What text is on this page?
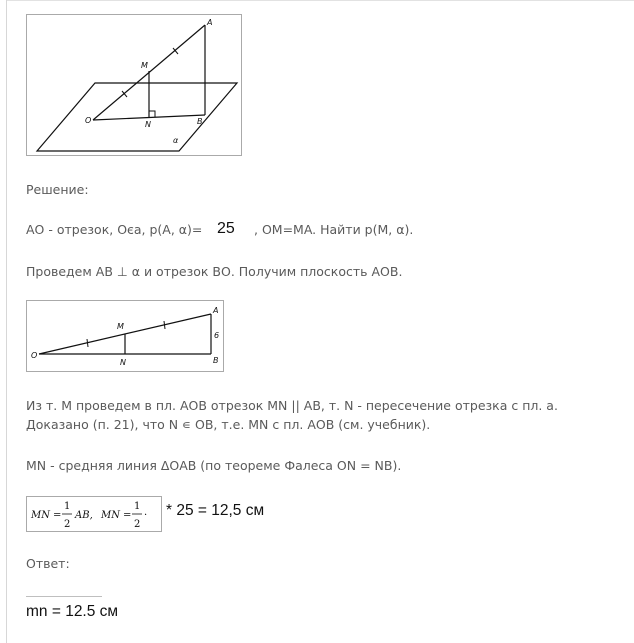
A
M
O	N	B
α
Решение:
АО - отрезок, Оєa, p(A, α)= 25 , OM=MA. Найти р(М, α).
Проведем AB ⊥ α и отрезок ВО. Получим плоскость АОВ.
A
M
O
N	B
6
Из т. М проведем в пл. АОВ отрезок MN || AB, т. N - пересечение отрезка с пл. а.
Доказано (п. 21), что N ∊ OB, т.е. MN с пл. АОВ (см. учебник).
MN - средняя линия ΔОАВ (по теореме Фалеса ON = NB).
MN =
1
2
AB, MN =
1
2
· * 25 = 12,5 см
Ответ:
mn = 12.5 см
